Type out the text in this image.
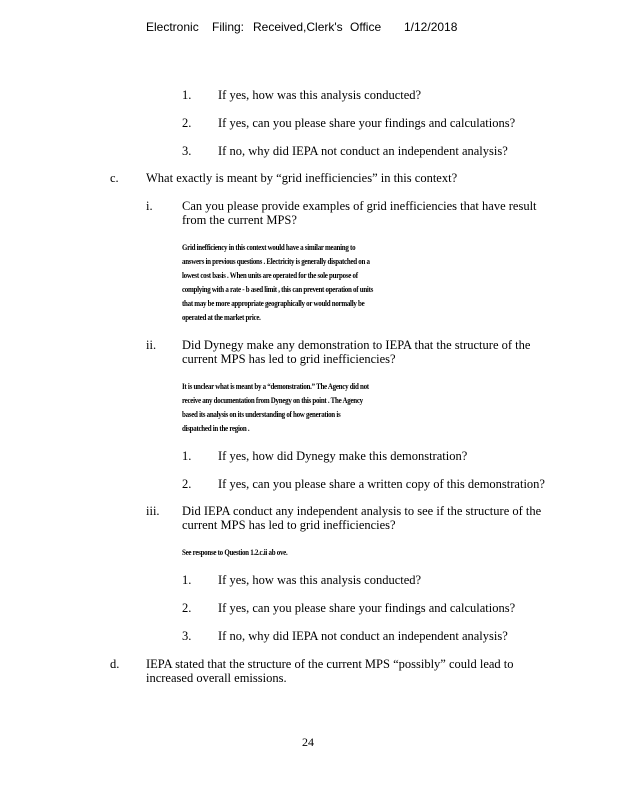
Electronic Filing: Received,Clerk's Office 1/12/2018
1. If yes, how was this analysis conducted?
2. If yes, can you please share your findings and calculations?
3. If no, why did IEPA not conduct an independent analysis?
c. What exactly is meant by “grid inefficiencies” in this context?
i. Can you please provide examples of grid inefficiencies that have result
from the current MPS?
Grid inefficiency in this context would have a similar meaning to
answers in previous questions . Electricity is generally dispatched on a
lowest cost basis . When units are operated for the sole purpose of
complying with a rate - b ased limit , this can prevent operation of units
that may be more appropriate geographically or would normally be
operated at the market price.
ii. Did Dynegy make any demonstration to IEPA that the structure of the
current MPS has led to grid inefficiencies?
It is unclear what is meant by a “demonstration.” The Agency did not
receive any documentation from Dynegy on this point . The Agency
based its analysis on its understanding of how generation is
dispatched in the region .
1. If yes, how did Dynegy make this demonstration?
2. If yes, can you please share a written copy of this demonstration?
iii. Did IEPA conduct any independent analysis to see if the structure of the
current MPS has led to grid inefficiencies?
See response to Question 1.2.c.ii ab ove.
1. If yes, how was this analysis conducted?
2. If yes, can you please share your findings and calculations?
3. If no, why did IEPA not conduct an independent analysis?
d. IEPA stated that the structure of the current MPS “possibly” could lead to
increased overall emissions.
24
